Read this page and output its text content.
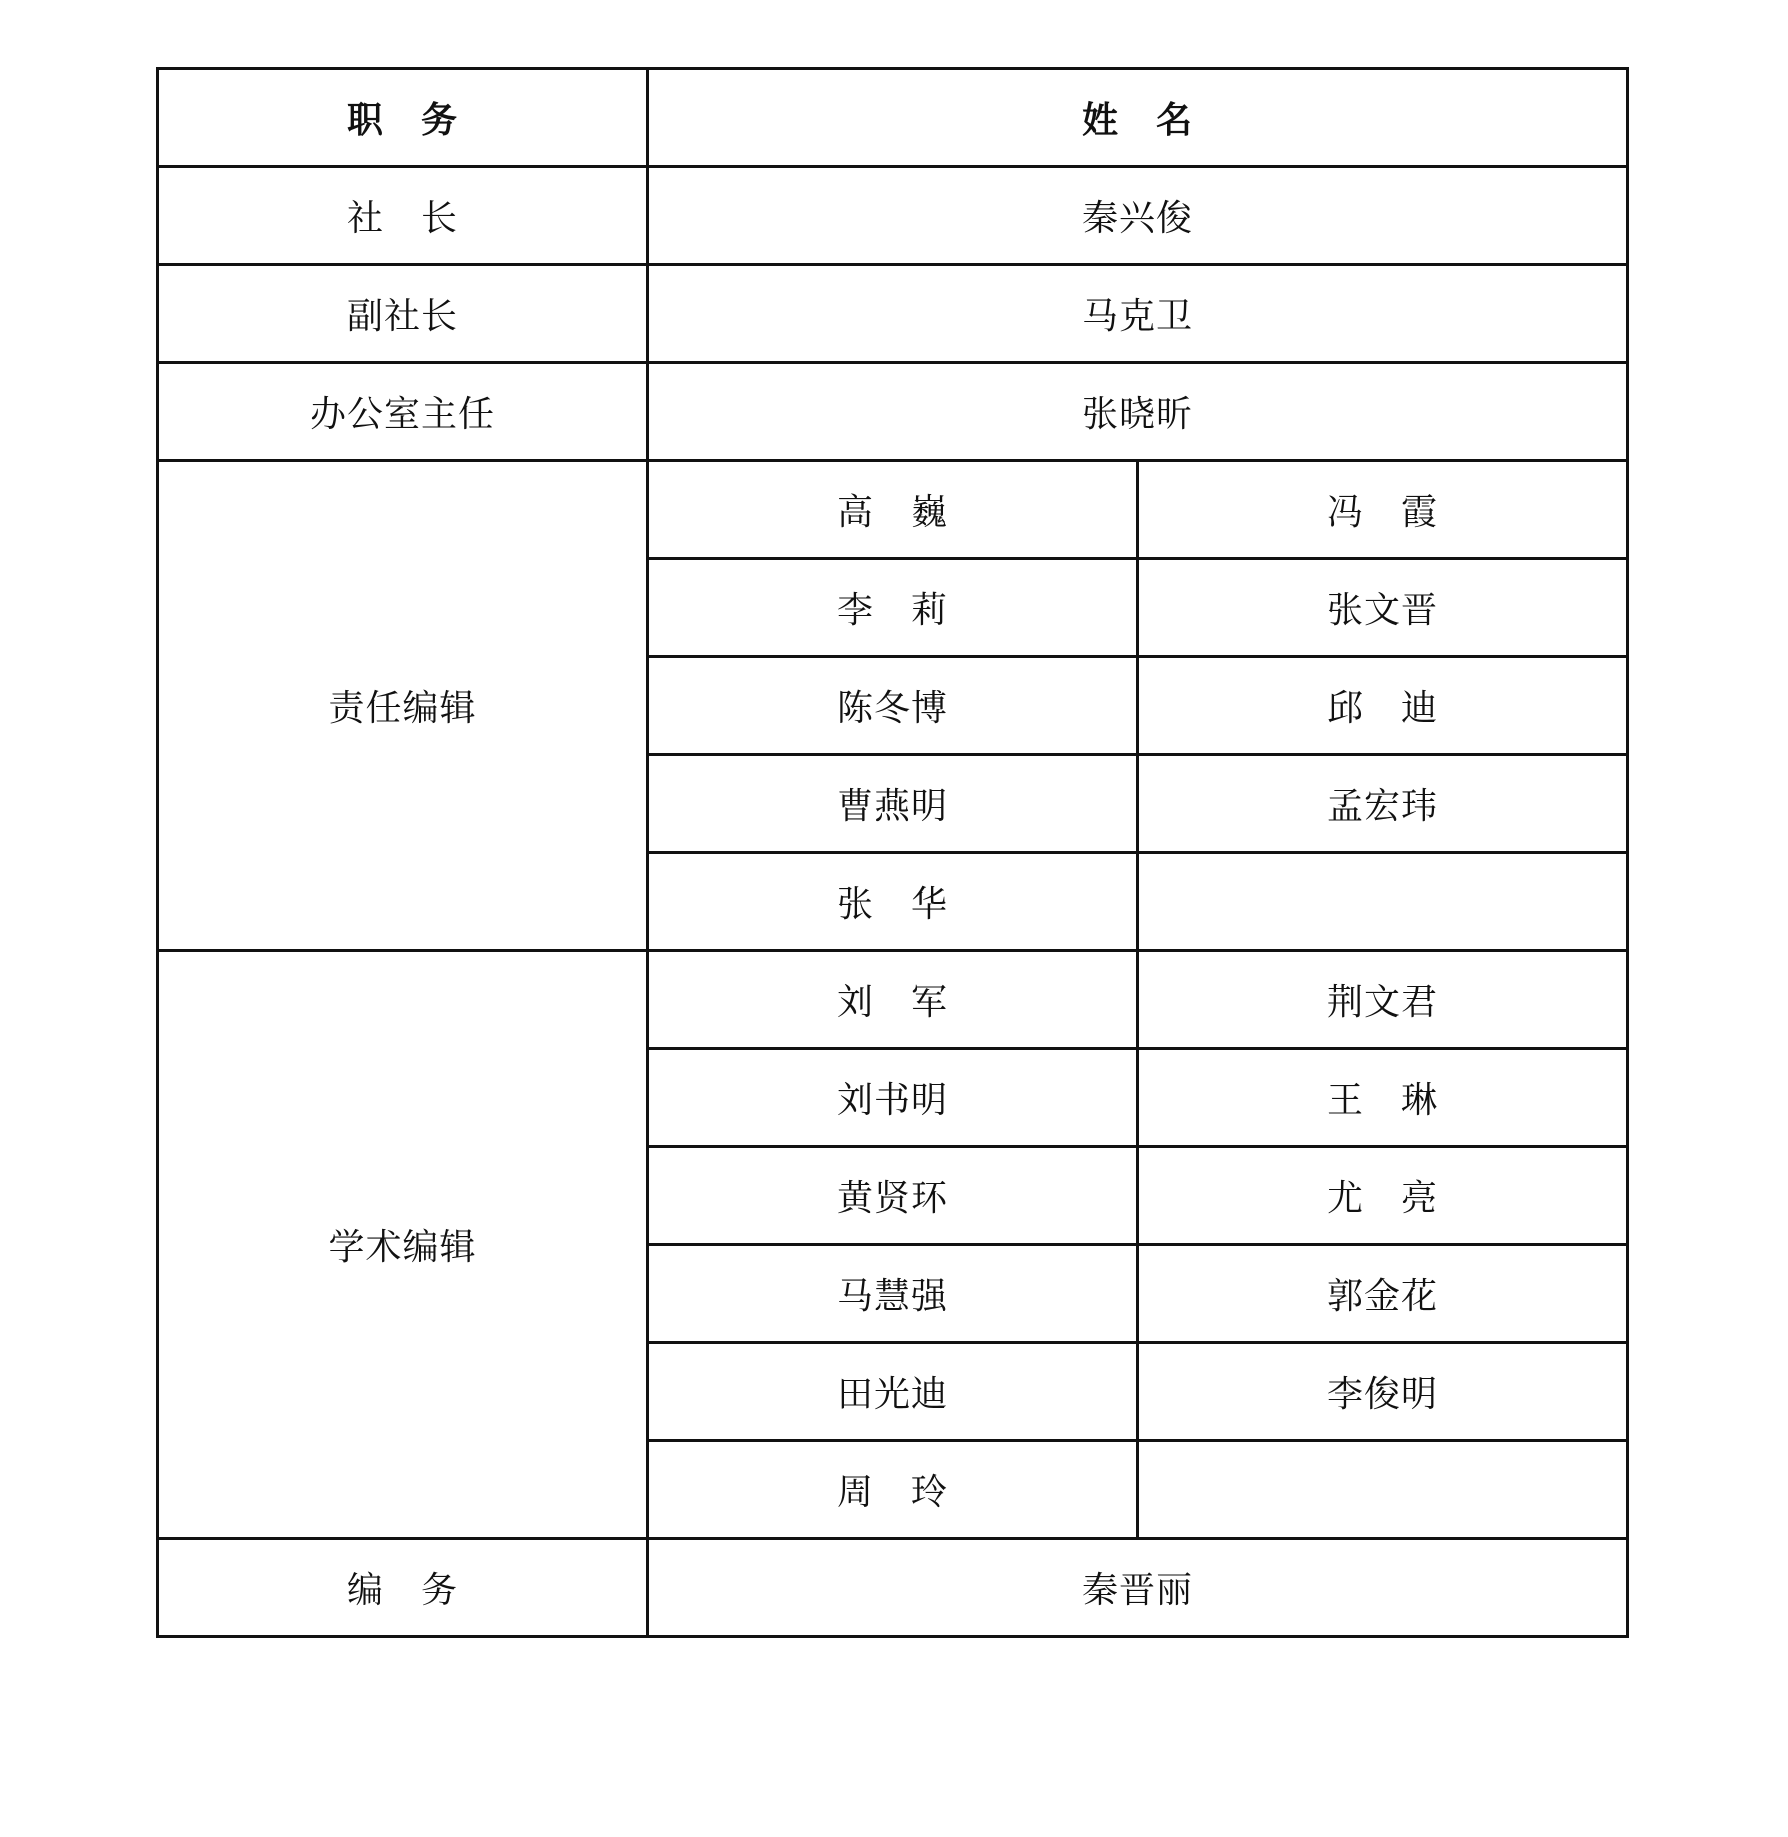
职　务	姓　名	
社　长	秦兴俊	
副社长	马克卫	
办公室主任	张晓昕	
责任编辑	高　巍	冯　霞
	李　莉	张文晋
	陈冬博	邱　迪
	曹燕明	孟宏玮
	张　华	
学术编辑	刘　军	荆文君
	刘书明	王　琳
	黄贤环	尤　亮
	马慧强	郭金花
	田光迪	李俊明
	周　玲	
编　务	秦晋丽	
